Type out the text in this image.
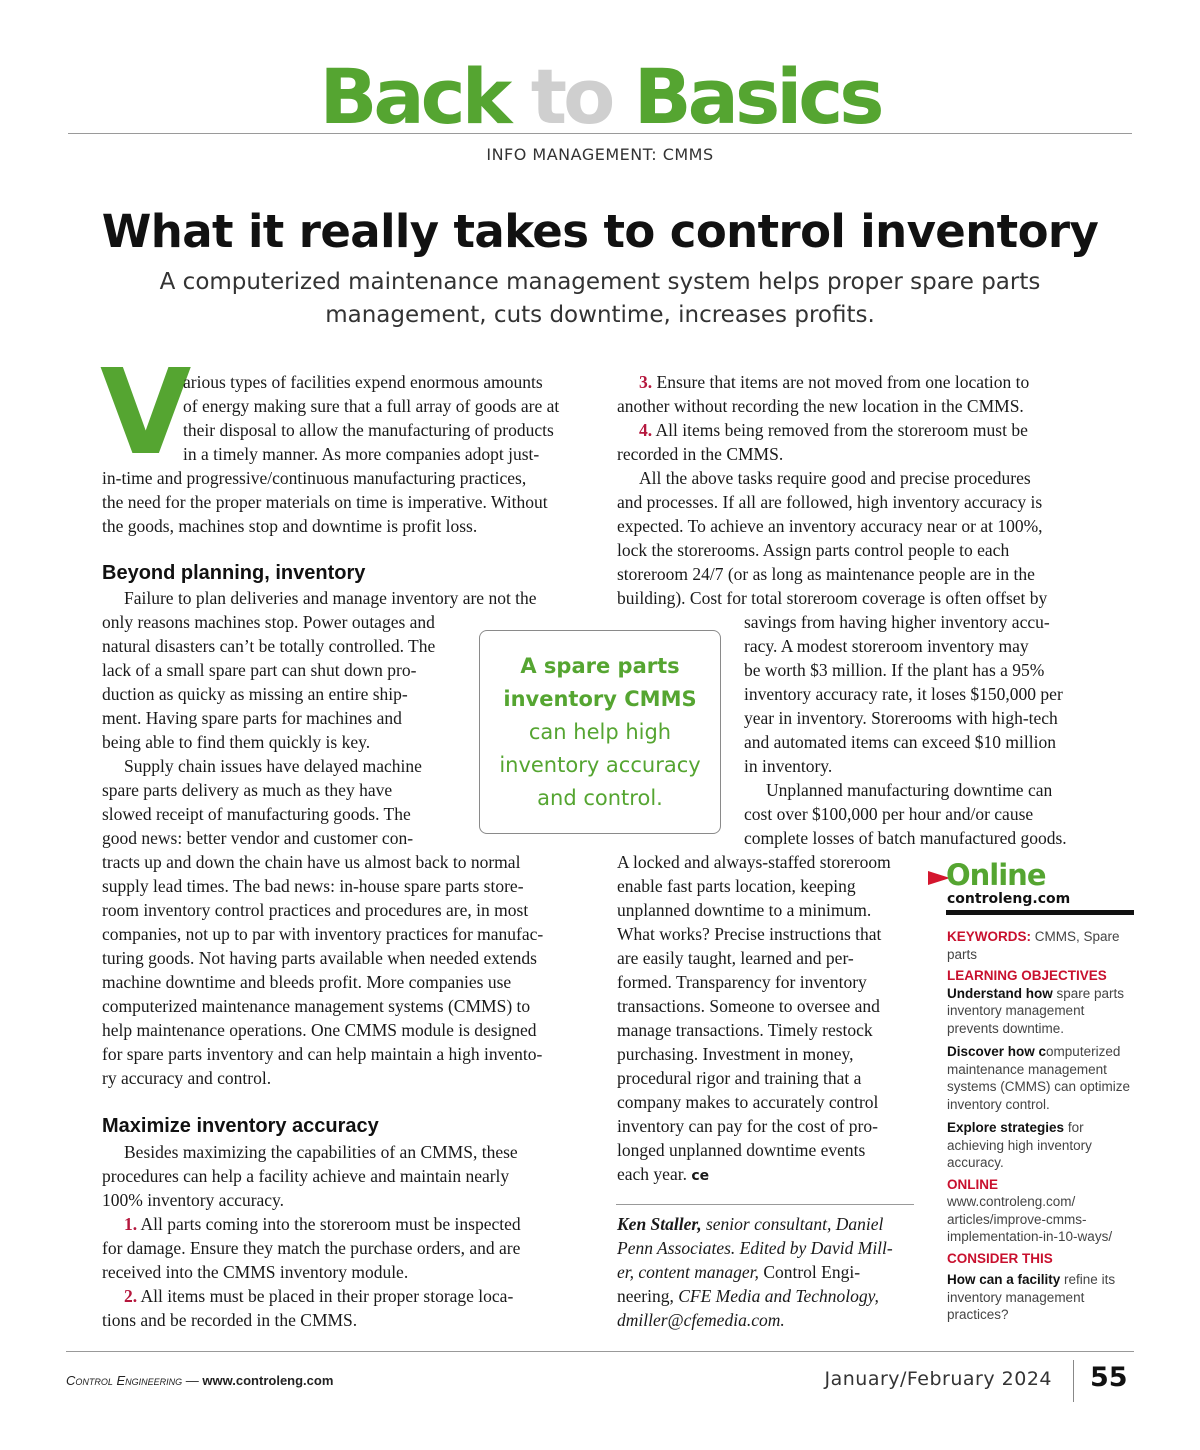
Back to Basics
INFO MANAGEMENT: CMMS
What it really takes to control inventory
A computerized maintenance management system helps proper spare parts
management, cuts downtime, increases profits.
V
arious types of facilities expend enormous amounts
of energy making sure that a full array of goods are at
their disposal to allow the manufacturing of products
in a timely manner. As more companies adopt just-
in-time and progressive/continuous manufacturing practices,
the need for the proper materials on time is imperative. Without
the goods, machines stop and downtime is profit loss.
Beyond planning, inventory
Failure to plan deliveries and manage inventory are not the
only reasons machines stop. Power outages and
natural disasters can’t be totally controlled. The
lack of a small spare part can shut down pro-
duction as quicky as missing an entire ship-
ment. Having spare parts for machines and
being able to find them quickly is key.
Supply chain issues have delayed machine
spare parts delivery as much as they have
slowed receipt of manufacturing goods. The
good news: better vendor and customer con-
tracts up and down the chain have us almost back to normal
supply lead times. The bad news: in-house spare parts store-
room inventory control practices and procedures are, in most
companies, not up to par with inventory practices for manufac-
turing goods. Not having parts available when needed extends
machine downtime and bleeds profit. More companies use
computerized maintenance management systems (CMMS) to
help maintenance operations. One CMMS module is designed
for spare parts inventory and can help maintain a high invento-
ry accuracy and control.
Maximize inventory accuracy
Besides maximizing the capabilities of an CMMS, these
procedures can help a facility achieve and maintain nearly
100% inventory accuracy.
1. All parts coming into the storeroom must be inspected
for damage. Ensure they match the purchase orders, and are
received into the CMMS inventory module.
2. All items must be placed in their proper storage loca-
tions and be recorded in the CMMS.
A spare parts
inventory CMMS
can help high
inventory accuracy
and control.
3. Ensure that items are not moved from one location to
another without recording the new location in the CMMS.
4. All items being removed from the storeroom must be
recorded in the CMMS.
All the above tasks require good and precise procedures
and processes. If all are followed, high inventory accuracy is
expected. To achieve an inventory accuracy near or at 100%,
lock the storerooms. Assign parts control people to each
storeroom 24/7 (or as long as maintenance people are in the
building). Cost for total storeroom coverage is often offset by
savings from having higher inventory accu-
racy. A modest storeroom inventory may
be worth $3 million. If the plant has a 95%
inventory accuracy rate, it loses $150,000 per
year in inventory. Storerooms with high-tech
and automated items can exceed $10 million
in inventory.
Unplanned manufacturing downtime can
cost over $100,000 per hour and/or cause
complete losses of batch manufactured goods.
A locked and always-staffed storeroom
enable fast parts location, keeping
unplanned downtime to a minimum.
What works? Precise instructions that
are easily taught, learned and per-
formed. Transparency for inventory
transactions. Someone to oversee and
manage transactions. Timely restock
purchasing. Investment in money,
procedural rigor and training that a
company makes to accurately control
inventory can pay for the cost of pro-
longed unplanned downtime events
each year. ce
Ken Staller, senior consultant, Daniel
Penn Associates. Edited by David Mill-
er, content manager, Control Engi-
neering, CFE Media and Technology,
dmiller@cfemedia.com.
Online
controleng.com
KEYWORDS: CMMS, Spare parts
LEARNING OBJECTIVES
Understand how spare parts inventory management prevents downtime.
Discover how computerized maintenance management systems (CMMS) can optimize inventory control.
Explore strategies for achieving high inventory accuracy.
ONLINE
www.controleng.com/
articles/improve-cmms-
implementation-in-10-ways/
CONSIDER THIS
How can a facility refine its inventory management practices?
Control Engineering — www.controleng.com	January/February 2024 55
